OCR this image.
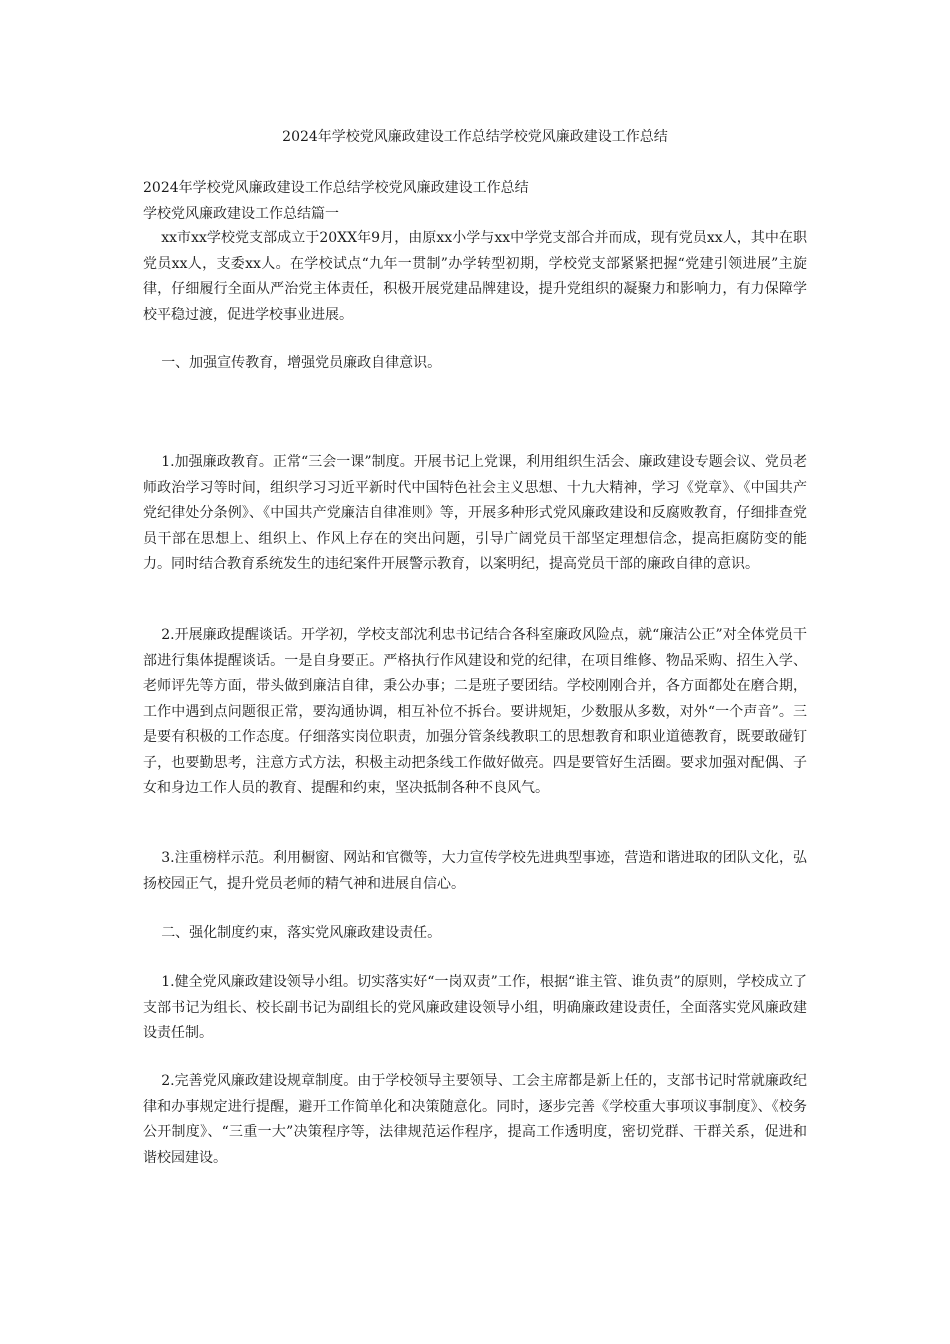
2024年学校党风廉政建设工作总结学校党风廉政建设工作总结
2024年学校党风廉政建设工作总结学校党风廉政建设工作总结
学校党风廉政建设工作总结篇一
xx市xx学校党支部成立于20XX年9月，由原xx小学与xx中学党支部合并而成，现有党员xx人，其中在职党员xx人，支委xx人。在学校试点“九年一贯制”办学转型初期，学校党支部紧紧把握“党建引领进展”主旋律，仔细履行全面从严治党主体责任，积极开展党建品牌建设，提升党组织的凝聚力和影响力，有力保障学校平稳过渡，促进学校事业进展。
一、加强宣传教育，增强党员廉政自律意识。
1.加强廉政教育。正常“三会一课”制度。开展书记上党课，利用组织生活会、廉政建设专题会议、党员老师政治学习等时间，组织学习习近平新时代中国特色社会主义思想、十九大精神，学习《党章》、《中国共产党纪律处分条例》、《中国共产党廉洁自律准则》等，开展多种形式党风廉政建设和反腐败教育，仔细排查党员干部在思想上、组织上、作风上存在的突出问题，引导广阔党员干部坚定理想信念，提高拒腐防变的能力。同时结合教育系统发生的违纪案件开展警示教育，以案明纪，提高党员干部的廉政自律的意识。
2.开展廉政提醒谈话。开学初，学校支部沈利忠书记结合各科室廉政风险点，就“廉洁公正”对全体党员干部进行集体提醒谈话。一是自身要正。严格执行作风建设和党的纪律，在项目维修、物品采购、招生入学、老师评先等方面，带头做到廉洁自律，秉公办事；二是班子要团结。学校刚刚合并，各方面都处在磨合期，工作中遇到点问题很正常，要沟通协调，相互补位不拆台。要讲规矩，少数服从多数，对外“一个声音”。三是要有积极的工作态度。仔细落实岗位职责，加强分管条线教职工的思想教育和职业道德教育，既要敢碰钉子，也要勤思考，注意方式方法，积极主动把条线工作做好做亮。四是要管好生活圈。要求加强对配偶、子女和身边工作人员的教育、提醒和约束，坚决抵制各种不良风气。
3.注重榜样示范。利用橱窗、网站和官微等，大力宣传学校先进典型事迹，营造和谐进取的团队文化，弘扬校园正气，提升党员老师的精气神和进展自信心。
二、强化制度约束，落实党风廉政建设责任。
1.健全党风廉政建设领导小组。切实落实好“一岗双责”工作，根据“谁主管、谁负责”的原则，学校成立了支部书记为组长、校长副书记为副组长的党风廉政建设领导小组，明确廉政建设责任，全面落实党风廉政建设责任制。
2.完善党风廉政建设规章制度。由于学校领导主要领导、工会主席都是新上任的，支部书记时常就廉政纪律和办事规定进行提醒，避开工作简单化和决策随意化。同时，逐步完善《学校重大事项议事制度》、《校务公开制度》、“三重一大”决策程序等，法律规范运作程序，提高工作透明度，密切党群、干群关系，促进和谐校园建设。
